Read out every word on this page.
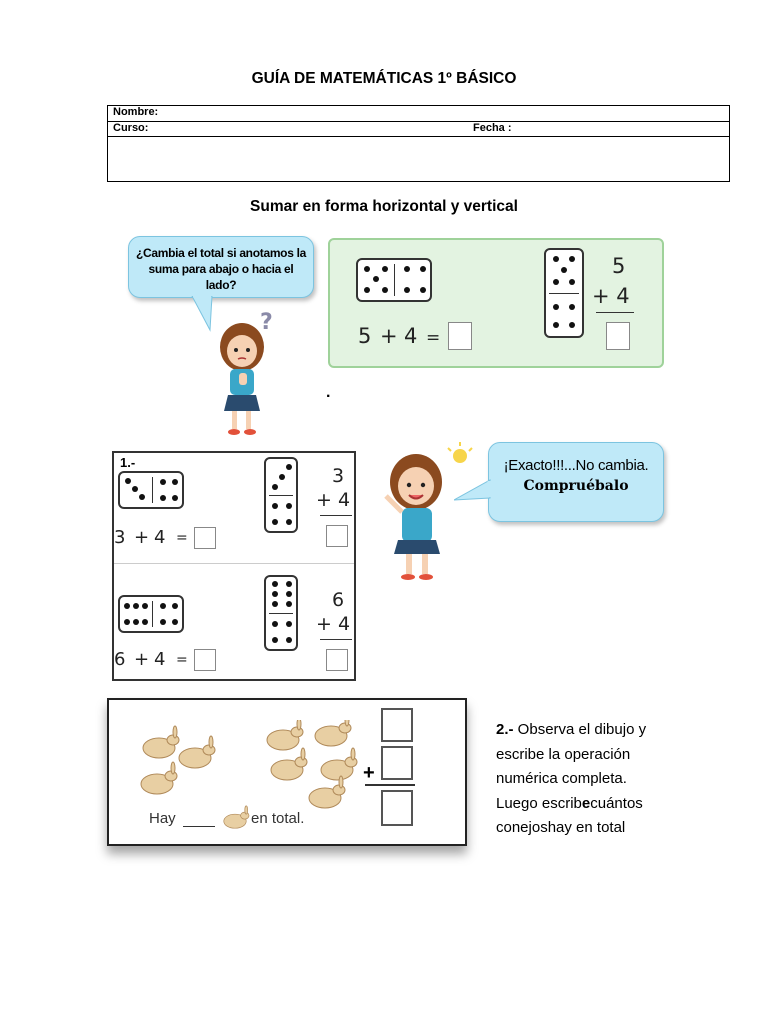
GUÍA DE MATEMÁTICAS 1º BÁSICO
Nombre:
Curso:	Fecha :
Sumar en forma horizontal y vertical
¿Cambia el total si anotamos la
suma para abajo o hacia el
lado?
?
5 + 4 =
5
+ 4
.
1.-
3 + 4 =
3
+ 4
6 + 4 =
6
+ 4
¡Exacto!!!...No cambia.
Compruébalo
Hay	en total.
+
2.- Observa el dibujo y
escribe la operación
numérica completa.
Luego escribecuántos
conejoshay en total
